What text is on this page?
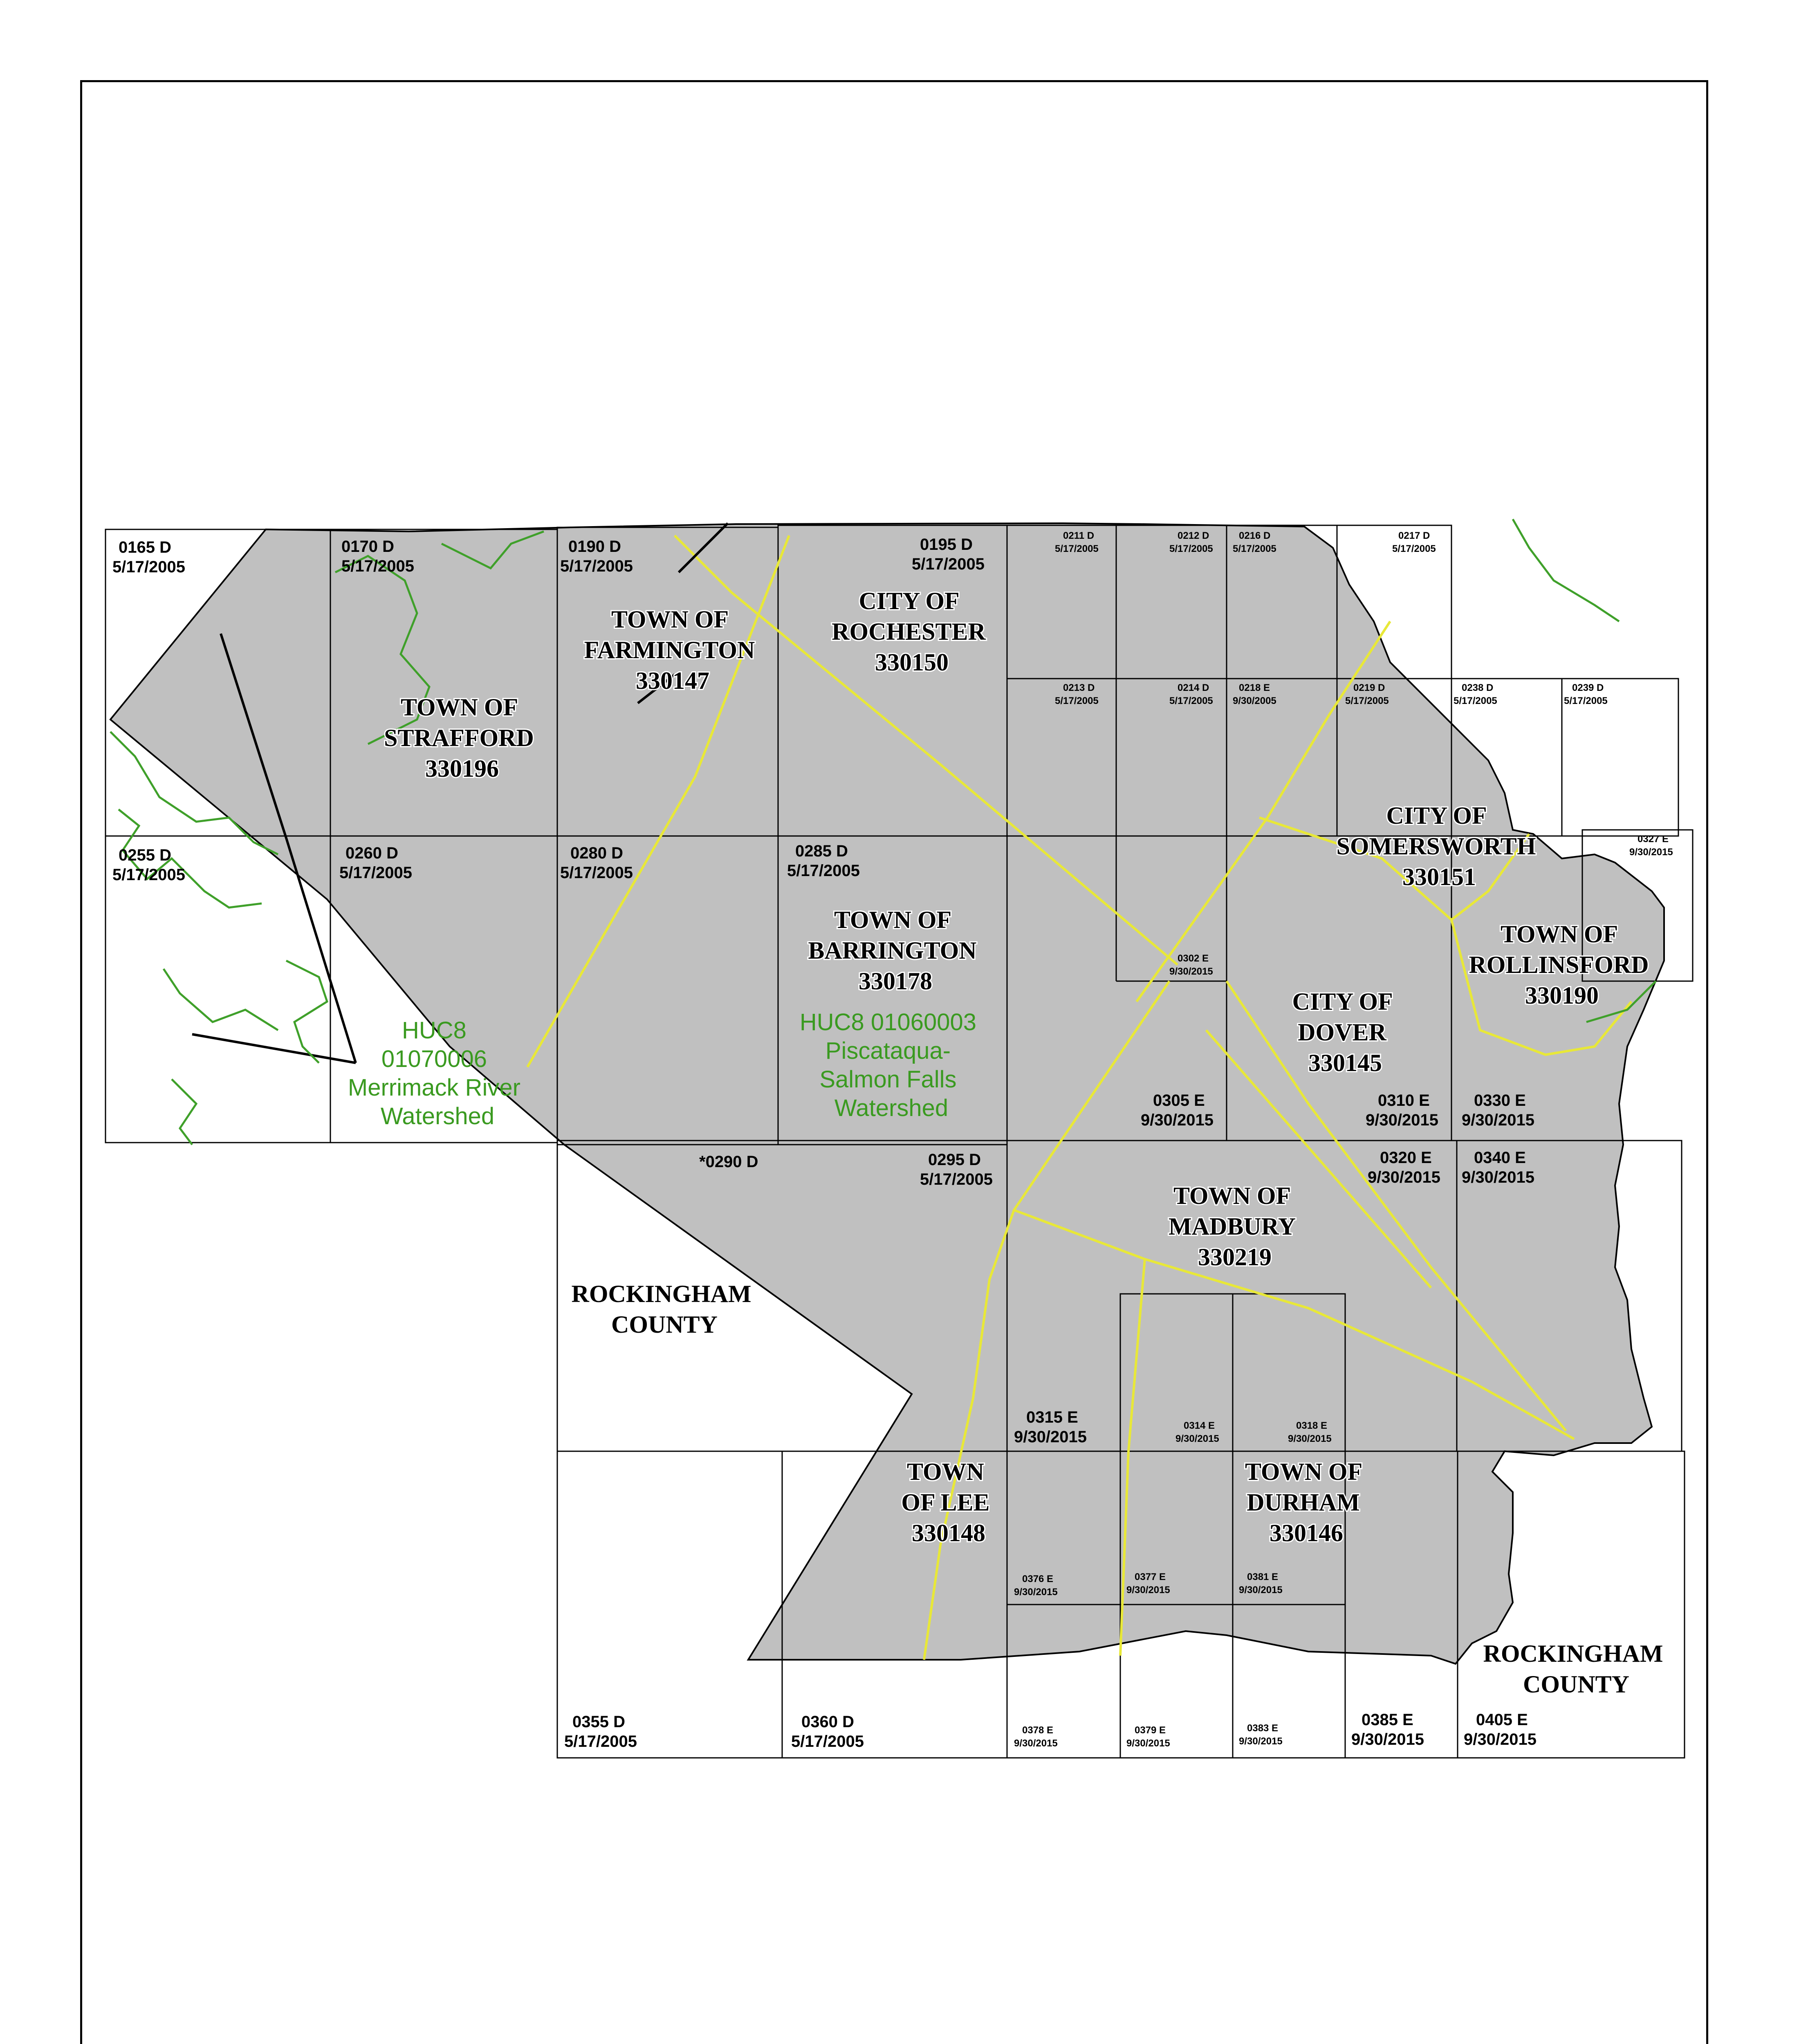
0165 D
5/17/2005
0170 D
5/17/2005
0190 D
5/17/2005
0195 D
5/17/2005
0211 D
5/17/2005
0212 D
5/17/2005
0216 D
5/17/2005
0217 D
5/17/2005
0213 D
5/17/2005
0214 D
5/17/2005
0218 E
9/30/2005
0219 D
5/17/2005
0238 D
5/17/2005
0239 D
5/17/2005
0255 D
5/17/2005
0260 D
5/17/2005
0280 D
5/17/2005
0285 D
5/17/2005
0327 E
9/30/2015
0302 E
9/30/2015
0305 E
9/30/2015
0310 E
9/30/2015
0330 E
9/30/2015
*0290 D	0295 D
5/17/2005
0320 E
9/30/2015
0340 E
9/30/2015
0315 E
9/30/2015
0314 E
9/30/2015
0318 E
9/30/2015
0376 E
9/30/2015
0377 E
9/30/2015
0381 E
9/30/2015
0355 D
5/17/2005
0360 D
5/17/2005
0378 E
9/30/2015
0379 E
9/30/2015
0383 E
9/30/2015
0385 E
9/30/2015
0405 E
9/30/2015
TOWN OF FARMINGTON 330147
CITY OF ROCHESTER 330150
TOWN OF STRAFFORD 330196
CITY OF SOMERSWORTH 330151
TOWN OF ROLLINSFORD 330190
TOWN OF BARRINGTON 330178
CITY OF DOVER 330145
TOWN OF MADBURY 330219
ROCKINGHAM COUNTY
TOWN OF LEE 330148
TOWN OF DURHAM 330146
ROCKINGHAM COUNTY
HUC8 01070006 Merrimack River Watershed
HUC8 01060003 Piscataqua- Salmon Falls Watershed
